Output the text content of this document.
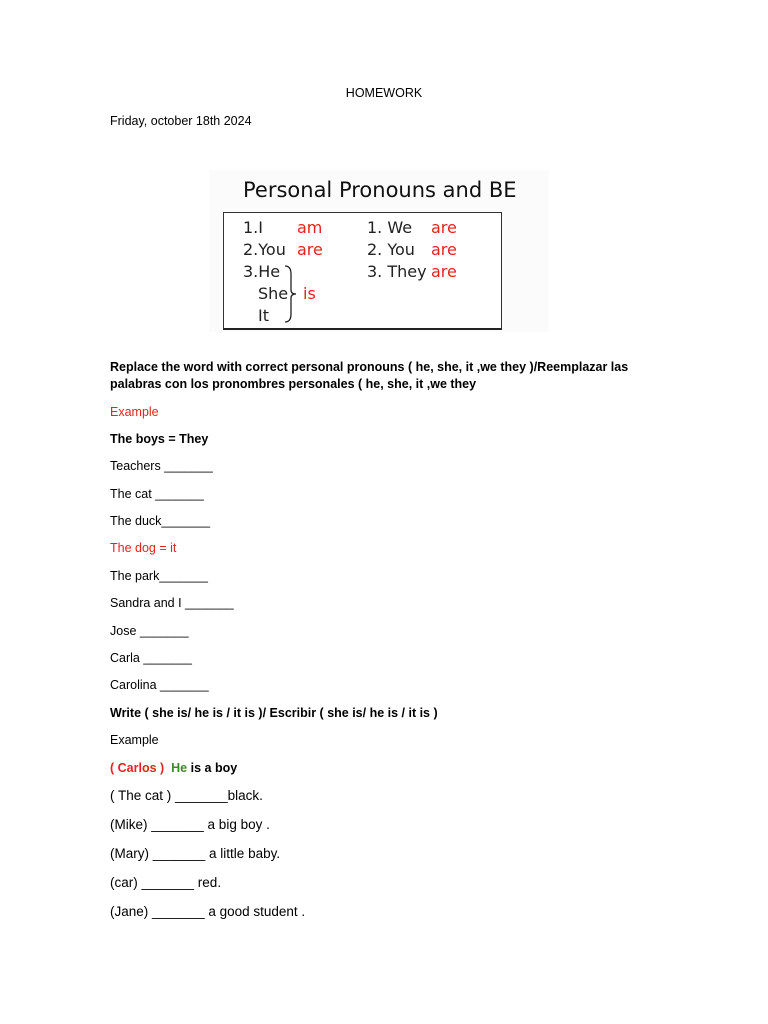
HOMEWORK
Friday, october 18th 2024
Personal Pronouns and BE
1.I am
2.You are
3.He
She
It
is
1. We are
2. You are
3. They are
Replace the word with correct personal pronouns ( he, she, it ,we they )/Reemplazar las
palabras con los pronombres personales ( he, she, it ,we they
Example
The boys = They
Teachers _______
The cat _______
The duck_______
The dog = it
The park_______
Sandra and I _______
Jose _______
Carla _______
Carolina _______
Write ( she is/ he is / it is )/ Escribir ( she is/ he is / it is )
Example
( Carlos ) He is a boy
( The cat ) _______black.
(Mike) _______ a big boy .
(Mary) _______ a little baby.
(car) _______ red.
(Jane) _______ a good student .
